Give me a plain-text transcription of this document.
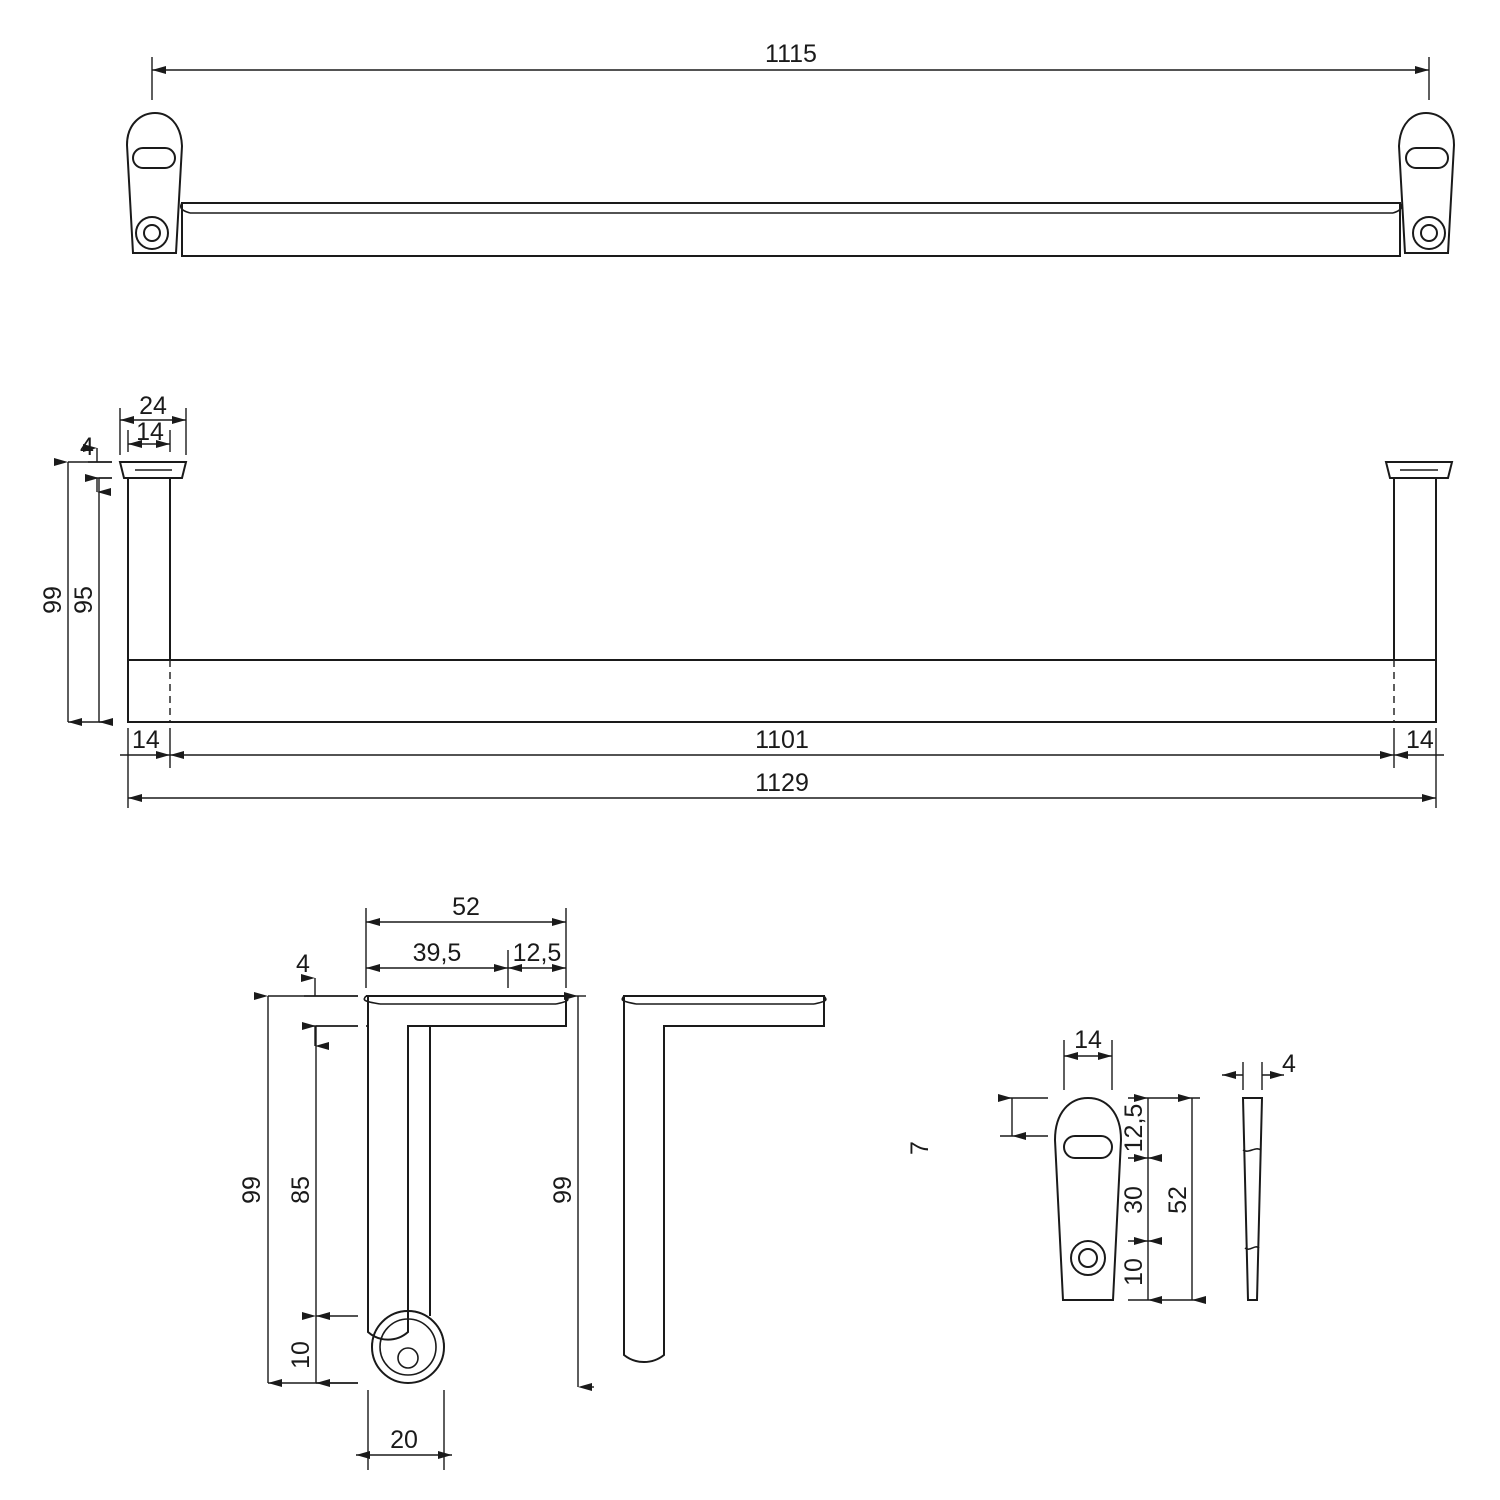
1115
24
14
4
99 95
14	1101	14
1129
52
39,5 12,5
4
99 85
10
99
20
14
4
7	12,5
30
10
52
